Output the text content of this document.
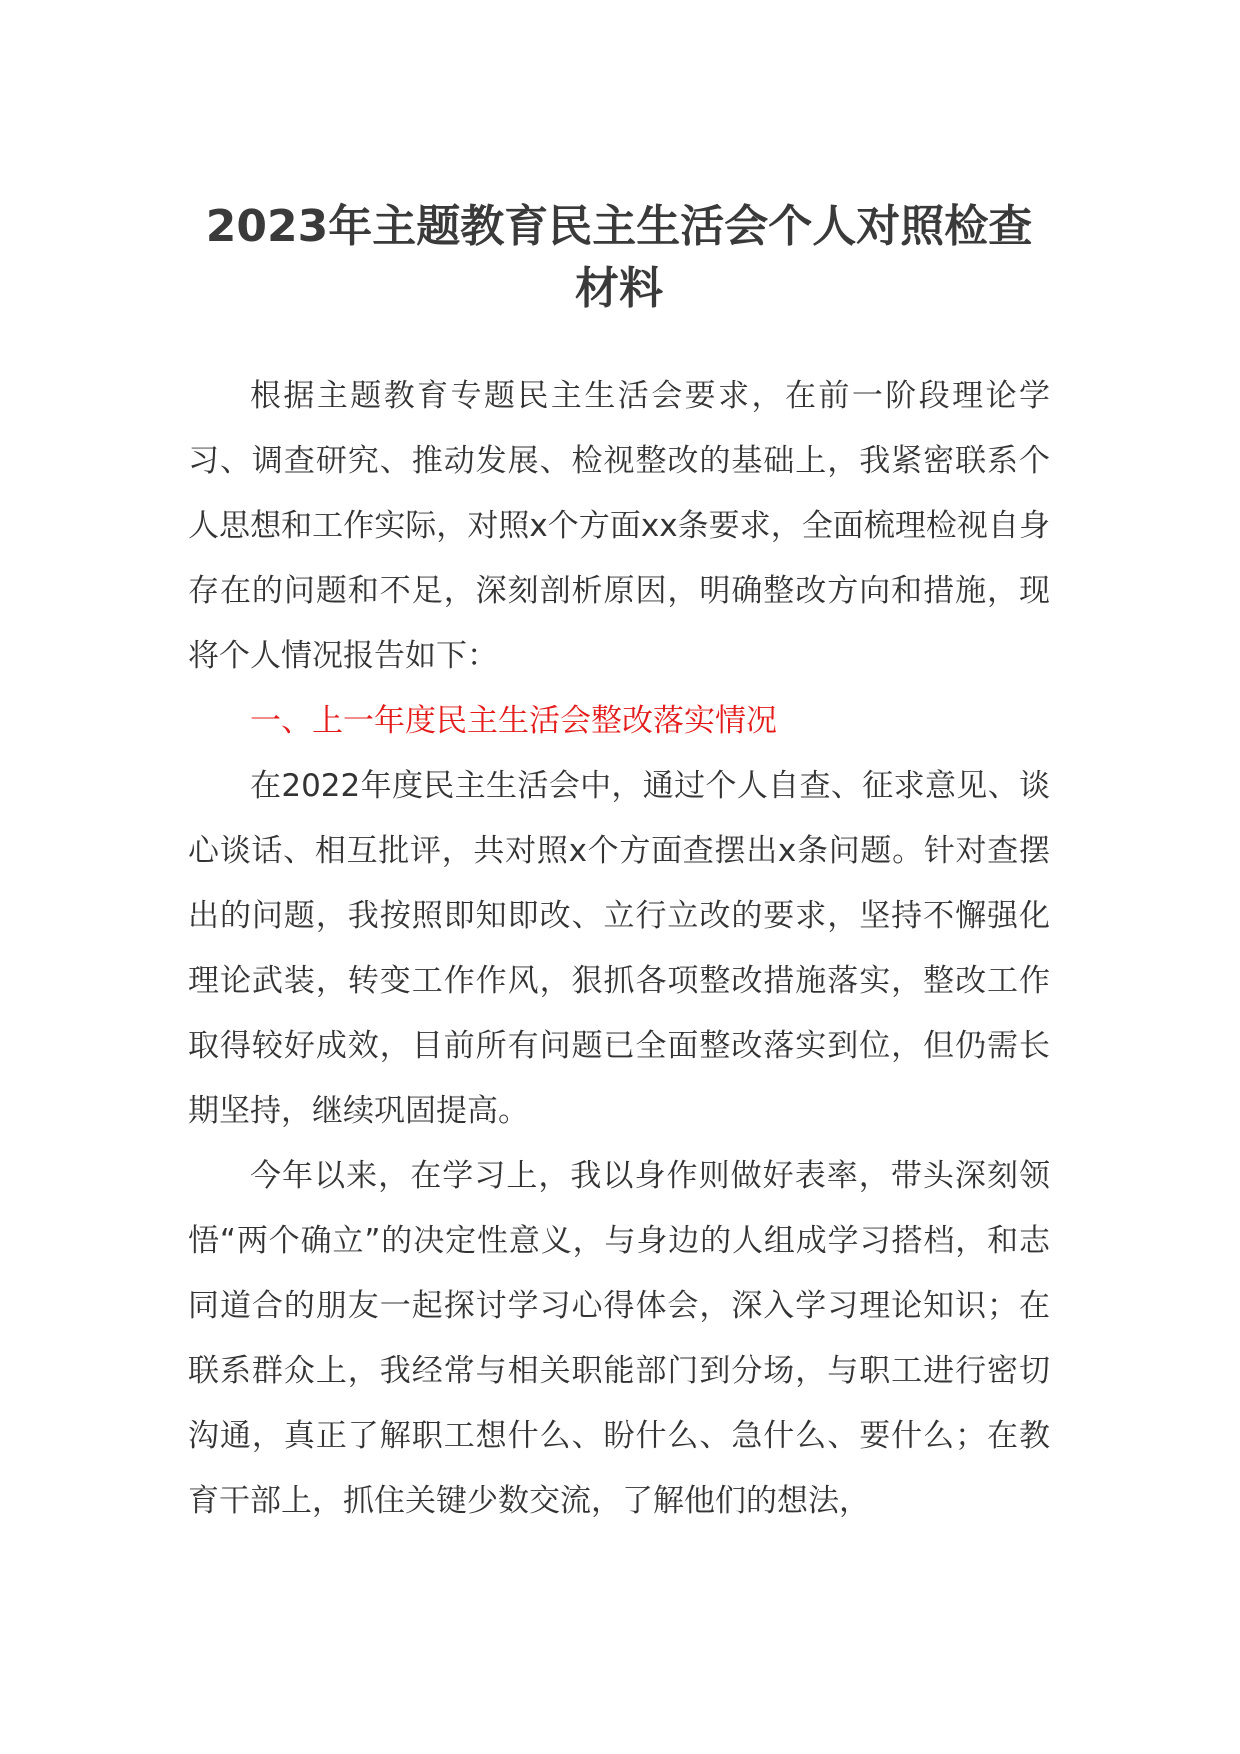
2023年主题教育民主生活会个人对照检查材料

根据主题教育专题民主生活会要求，在前一阶段理论学习、调查研究、推动发展、检视整改的基础上，我紧密联系个人思想和工作实际，对照x个方面xx条要求，全面梳理检视自身存在的问题和不足，深刻剖析原因，明确整改方向和措施，现将个人情况报告如下：

一、上一年度民主生活会整改落实情况

在2022年度民主生活会中，通过个人自查、征求意见、谈心谈话、相互批评，共对照x个方面查摆出x条问题。针对查摆出的问题，我按照即知即改、立行立改的要求，坚持不懈强化理论武装，转变工作作风，狠抓各项整改措施落实，整改工作取得较好成效，目前所有问题已全面整改落实到位，但仍需长期坚持，继续巩固提高。

今年以来，在学习上，我以身作则做好表率，带头深刻领悟“两个确立”的决定性意义，与身边的人组成学习搭档，和志同道合的朋友一起探讨学习心得体会，深入学习理论知识；在联系群众上，我经常与相关职能部门到分场，与职工进行密切沟通，真正了解职工想什么、盼什么、急什么、要什么；在教育干部上，抓住关键少数交流，了解他们的想法，
